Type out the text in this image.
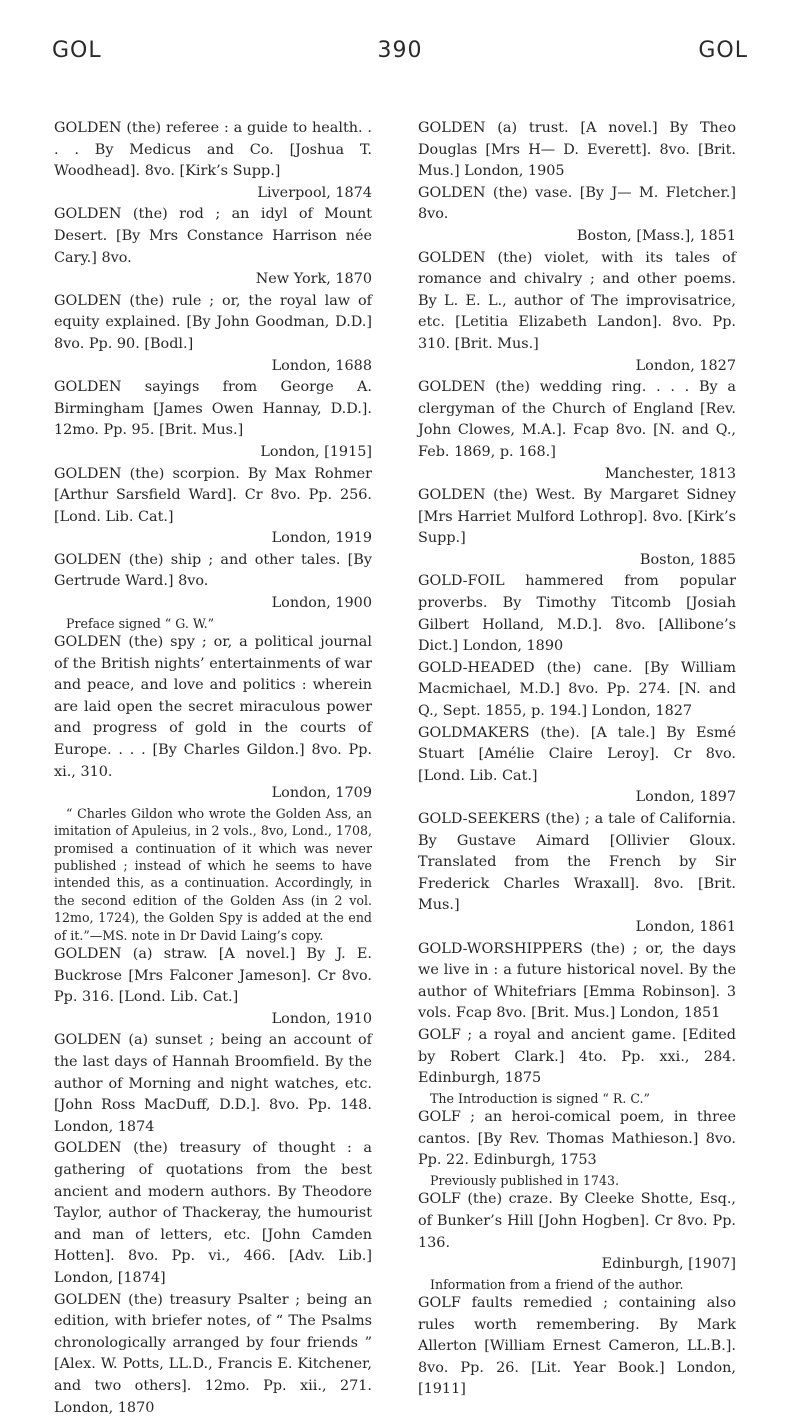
GOL	390	GOL

GOLDEN (the) referee : a guide to health. . . . By Medicus and Co. [Joshua T. Woodhead]. 8vo. [Kirk’s Supp.]

Liverpool, 1874

GOLDEN (the) rod ; an idyl of Mount Desert. [By Mrs Constance Harrison née Cary.] 8vo.

New York, 1870

GOLDEN (the) rule ; or, the royal law of equity explained. [By John Goodman, D.D.] 8vo. Pp. 90. [Bodl.]

London, 1688

GOLDEN sayings from George A. Birmingham [James Owen Hannay, D.D.]. 12mo. Pp. 95. [Brit. Mus.]

London, [1915]

GOLDEN (the) scorpion. By Max Rohmer [Arthur Sarsfield Ward]. Cr 8vo. Pp. 256. [Lond. Lib. Cat.]

London, 1919

GOLDEN (the) ship ; and other tales. [By Gertrude Ward.] 8vo.

London, 1900

Preface signed “ G. W.”

GOLDEN (the) spy ; or, a political journal of the British nights’ entertainments of war and peace, and love and politics : wherein are laid open the secret miraculous power and progress of gold in the courts of Europe. . . . [By Charles Gildon.] 8vo. Pp. xi., 310.

London, 1709

“ Charles Gildon who wrote the Golden Ass, an imitation of Apuleius, in 2 vols., 8vo, Lond., 1708, promised a continuation of it which was never published ; instead of which he seems to have intended this, as a continuation. Accordingly, in the second edition of the Golden Ass (in 2 vol. 12mo, 1724), the Golden Spy is added at the end of it.”—MS. note in Dr David Laing’s copy.

GOLDEN (a) straw. [A novel.] By J. E. Buckrose [Mrs Falconer Jameson]. Cr 8vo. Pp. 316. [Lond. Lib. Cat.]

London, 1910

GOLDEN (a) sunset ; being an account of the last days of Hannah Broomfield. By the author of Morning and night watches, etc. [John Ross MacDuff, D.D.]. 8vo. Pp. 148. London, 1874

GOLDEN (the) treasury of thought : a gathering of quotations from the best ancient and modern authors. By Theodore Taylor, author of Thackeray, the humourist and man of letters, etc. [John Camden Hotten]. 8vo. Pp. vi., 466. [Adv. Lib.] London, [1874]

GOLDEN (the) treasury Psalter ; being an edition, with briefer notes, of “ The Psalms chronologically arranged by four friends ” [Alex. W. Potts, LL.D., Francis E. Kitchener, and two others]. 12mo. Pp. xii., 271. London, 1870

GOLDEN (a) trust. [A novel.] By Theo Douglas [Mrs H— D. Everett]. 8vo. [Brit. Mus.] London, 1905

GOLDEN (the) vase. [By J— M. Fletcher.] 8vo.

Boston, [Mass.], 1851

GOLDEN (the) violet, with its tales of romance and chivalry ; and other poems. By L. E. L., author of The improvisatrice, etc. [Letitia Elizabeth Landon]. 8vo. Pp. 310. [Brit. Mus.]

London, 1827

GOLDEN (the) wedding ring. . . . By a clergyman of the Church of England [Rev. John Clowes, M.A.]. Fcap 8vo. [N. and Q., Feb. 1869, p. 168.]

Manchester, 1813

GOLDEN (the) West. By Margaret Sidney [Mrs Harriet Mulford Lothrop]. 8vo. [Kirk’s Supp.]

Boston, 1885

GOLD-FOIL hammered from popular proverbs. By Timothy Titcomb [Josiah Gilbert Holland, M.D.]. 8vo. [Allibone’s Dict.] London, 1890

GOLD-HEADED (the) cane. [By William Macmichael, M.D.] 8vo. Pp. 274. [N. and Q., Sept. 1855, p. 194.] London, 1827

GOLDMAKERS (the). [A tale.] By Esmé Stuart [Amélie Claire Leroy]. Cr 8vo. [Lond. Lib. Cat.]

London, 1897

GOLD-SEEKERS (the) ; a tale of California. By Gustave Aimard [Ollivier Gloux. Translated from the French by Sir Frederick Charles Wraxall]. 8vo. [Brit. Mus.]

London, 1861

GOLD-WORSHIPPERS (the) ; or, the days we live in : a future historical novel. By the author of Whitefriars [Emma Robinson]. 3 vols. Fcap 8vo. [Brit. Mus.] London, 1851

GOLF ; a royal and ancient game. [Edited by Robert Clark.] 4to. Pp. xxi., 284. Edinburgh, 1875

The Introduction is signed “ R. C.”

GOLF ; an heroi-comical poem, in three cantos. [By Rev. Thomas Mathieson.] 8vo. Pp. 22. Edinburgh, 1753

Previously published in 1743.

GOLF (the) craze. By Cleeke Shotte, Esq., of Bunker’s Hill [John Hogben]. Cr 8vo. Pp. 136.

Edinburgh, [1907]

Information from a friend of the author.

GOLF faults remedied ; containing also rules worth remembering. By Mark Allerton [William Ernest Cameron, LL.B.]. 8vo. Pp. 26. [Lit. Year Book.] London, [1911]
